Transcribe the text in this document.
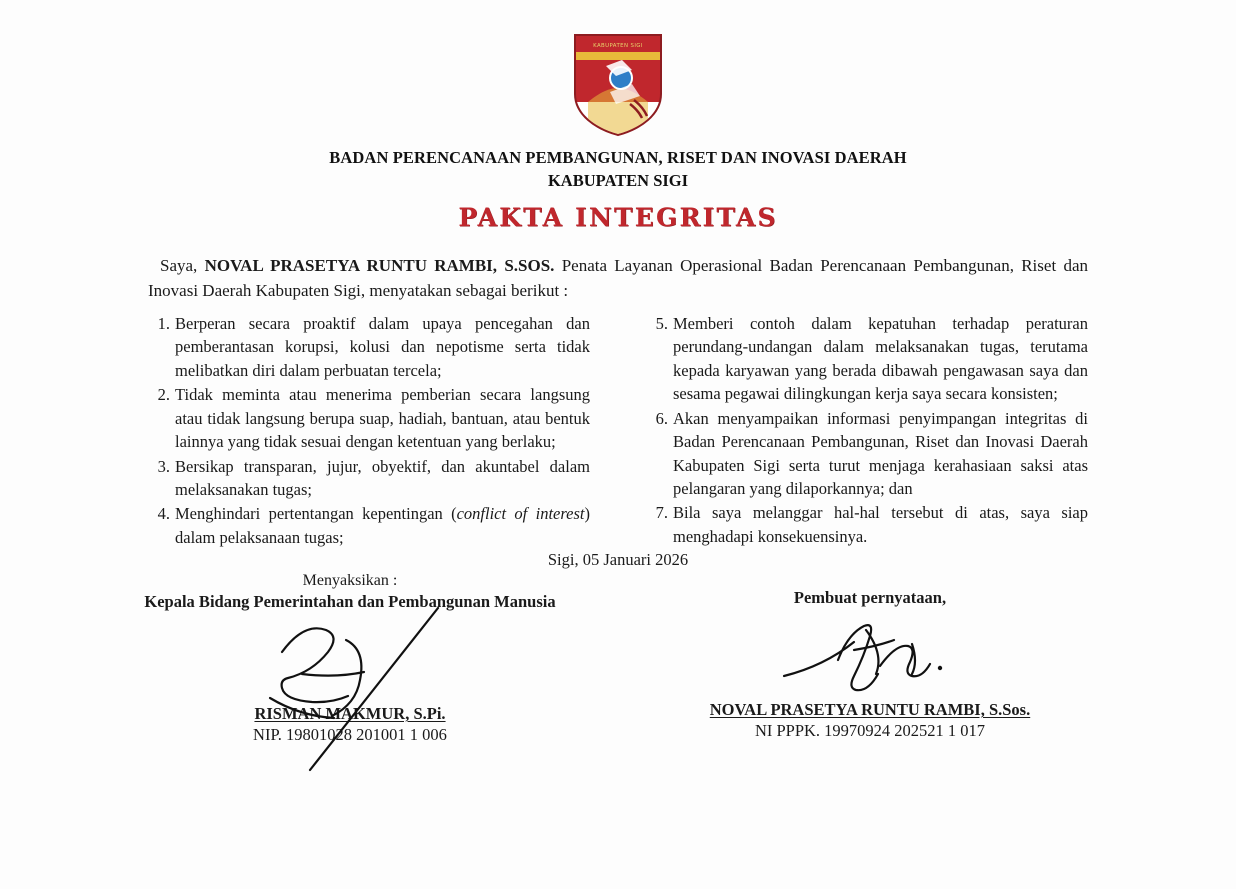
KABUPATEN SIGI
BADAN PERENCANAAN PEMBANGUNAN, RISET DAN INOVASI DAERAH
KABUPATEN SIGI
PAKTA INTEGRITAS
Saya, NOVAL PRASETYA RUNTU RAMBI, S.SOS. Penata Layanan Operasional Badan Perencanaan Pembangunan, Riset dan Inovasi Daerah Kabupaten Sigi, menyatakan sebagai berikut :
1. Berperan secara proaktif dalam upaya pencegahan dan pemberantasan korupsi, kolusi dan nepotisme serta tidak melibatkan diri dalam perbuatan tercela;
2. Tidak meminta atau menerima pemberian secara langsung atau tidak langsung berupa suap, hadiah, bantuan, atau bentuk lainnya yang tidak sesuai dengan ketentuan yang berlaku;
3. Bersikap transparan, jujur, obyektif, dan akuntabel dalam melaksanakan tugas;
4. Menghindari pertentangan kepentingan (conflict of interest) dalam pelaksanaan tugas;
5. Memberi contoh dalam kepatuhan terhadap peraturan perundang-undangan dalam melaksanakan tugas, terutama kepada karyawan yang berada dibawah pengawasan saya dan sesama pegawai dilingkungan kerja saya secara konsisten;
6. Akan menyampaikan informasi penyimpangan integritas di Badan Perencanaan Pembangunan, Riset dan Inovasi Daerah Kabupaten Sigi serta turut menjaga kerahasiaan saksi atas pelangaran yang dilaporkannya; dan
7. Bila saya melanggar hal-hal tersebut di atas, saya siap menghadapi konsekuensinya.
Sigi, 05 Januari 2026
Menyaksikan :
Kepala Bidang Pemerintahan dan Pembangunan Manusia
RISMAN MAKMUR, S.Pi.
NIP. 19801028 201001 1 006
Pembuat pernyataan,
NOVAL PRASETYA RUNTU RAMBI, S.Sos.
NI PPPK. 19970924 202521 1 017
